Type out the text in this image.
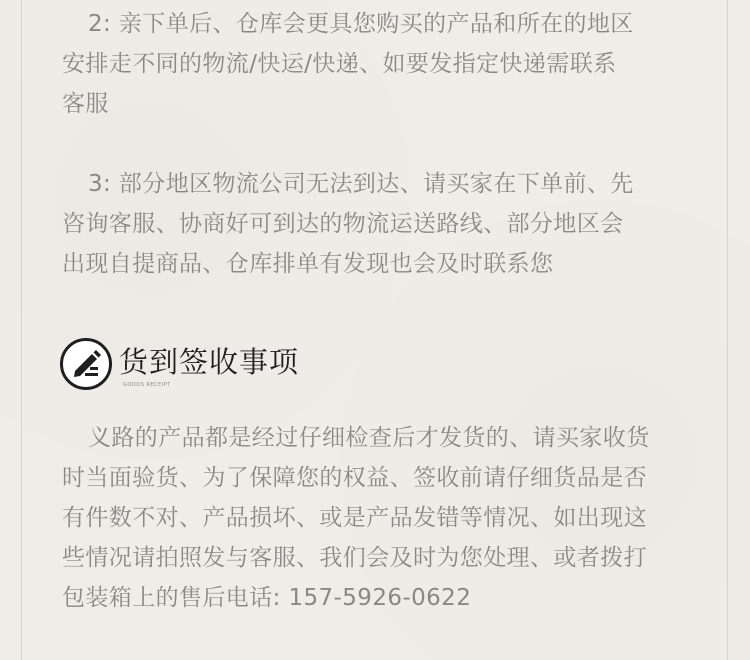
2: 亲下单后、仓库会更具您购买的产品和所在的地区
安排走不同的物流/快运/快递、如要发指定快递需联系
客服
3: 部分地区物流公司无法到达、请买家在下单前、先
咨询客服、协商好可到达的物流运送路线、部分地区会
出现自提商品、仓库排单有发现也会及时联系您
货到签收事项
GOODS RECEIPT
义路的产品都是经过仔细检查后才发货的、请买家收货
时当面验货、为了保障您的权益、签收前请仔细货品是否
有件数不对、产品损坏、或是产品发错等情况、如出现这
些情况请拍照发与客服、我们会及时为您处理、或者拨打
包装箱上的售后电话: 157-5926-0622
